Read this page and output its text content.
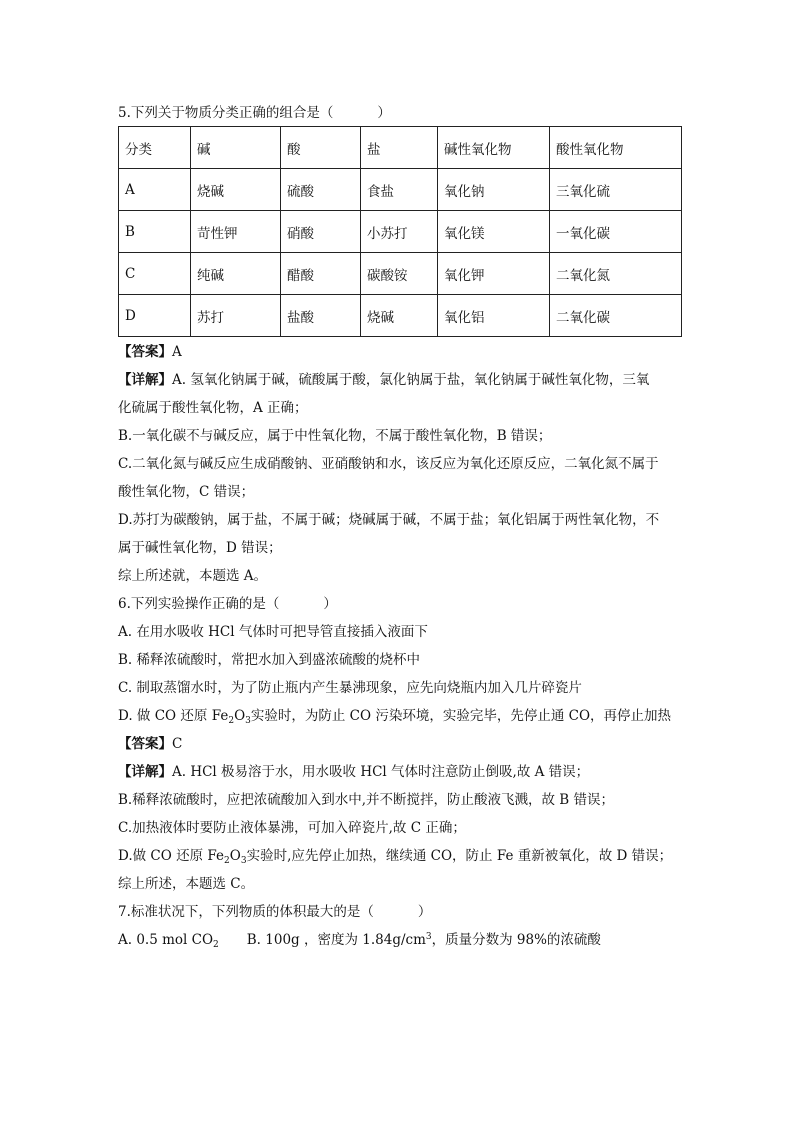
5.下列关于物质分类正确的组合是（	）
分类	碱	酸	盐	碱性氧化物	酸性氧化物
A	烧碱	硫酸	食盐	氧化钠	三氧化硫
B	苛性钾	硝酸	小苏打	氧化镁	一氧化碳
C	纯碱	醋酸	碳酸铵	氧化钾	二氧化氮
D	苏打	盐酸	烧碱	氧化铝	二氧化碳
【答案】A
【详解】A. 氢氧化钠属于碱，硫酸属于酸，氯化钠属于盐，氧化钠属于碱性氧化物，三氧
化硫属于酸性氧化物，A 正确；
B.一氧化碳不与碱反应，属于中性氧化物，不属于酸性氧化物，B 错误；
C.二氧化氮与碱反应生成硝酸钠、亚硝酸钠和水，该反应为氧化还原反应，二氧化氮不属于
酸性氧化物，C 错误；
D.苏打为碳酸钠，属于盐，不属于碱；烧碱属于碱，不属于盐；氧化铝属于两性氧化物，不
属于碱性氧化物，D 错误；
综上所述就，本题选 A。
6.下列实验操作正确的是（	）
A. 在用水吸收 HCl 气体时可把导管直接插入液面下
B. 稀释浓硫酸时，常把水加入到盛浓硫酸的烧杯中
C. 制取蒸馏水时，为了防止瓶内产生暴沸现象，应先向烧瓶内加入几片碎瓷片
D. 做 CO 还原 $Fe_2O_3$实验时，为防止 CO 污染环境，实验完毕，先停止通 CO，再停止加热
【答案】C
【详解】A. HCl 极易溶于水，用水吸收 HCl 气体时注意防止倒吸,故 A 错误；
B.稀释浓硫酸时，应把浓硫酸加入到水中,并不断搅拌，防止酸液飞溅，故 B 错误；
C.加热液体时要防止液体暴沸，可加入碎瓷片,故 C 正确；
D.做 CO 还原 $Fe_2O_3$实验时,应先停止加热，继续通 CO，防止 Fe 重新被氧化，故 D 错误；
综上所述，本题选 C。
7.标准状况下，下列物质的体积最大的是（	）
A. 0.5 mol $CO_2$ B. 100g ，密度为 $1.84g/cm^3$，质量分数为 98%的浓硫酸
